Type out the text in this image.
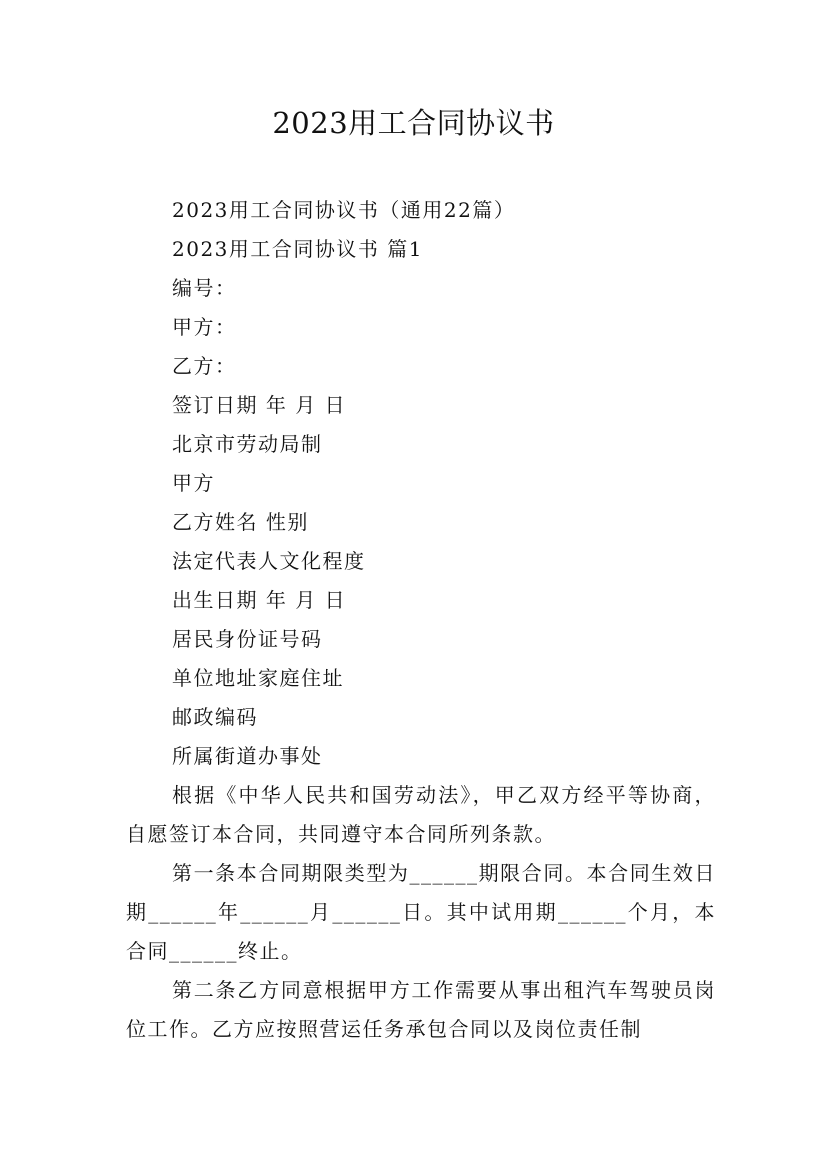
2023用工合同协议书
2023用工合同协议书（通用22篇）
2023用工合同协议书 篇1
编号：
甲方：
乙方：
签订日期 年 月 日
北京市劳动局制
甲方
乙方姓名 性别
法定代表人文化程度
出生日期 年 月 日
居民身份证号码
单位地址家庭住址
邮政编码
所属街道办事处

根据《中华人民共和国劳动法》，甲乙双方经平等协商，自愿签订本合同，共同遵守本合同所列条款。

第一条本合同期限类型为______期限合同。本合同生效日期______年______月______日。其中试用期______个月，本合同______终止。

第二条乙方同意根据甲方工作需要从事出租汽车驾驶员岗位工作。乙方应按照营运任务承包合同以及岗位责任制
